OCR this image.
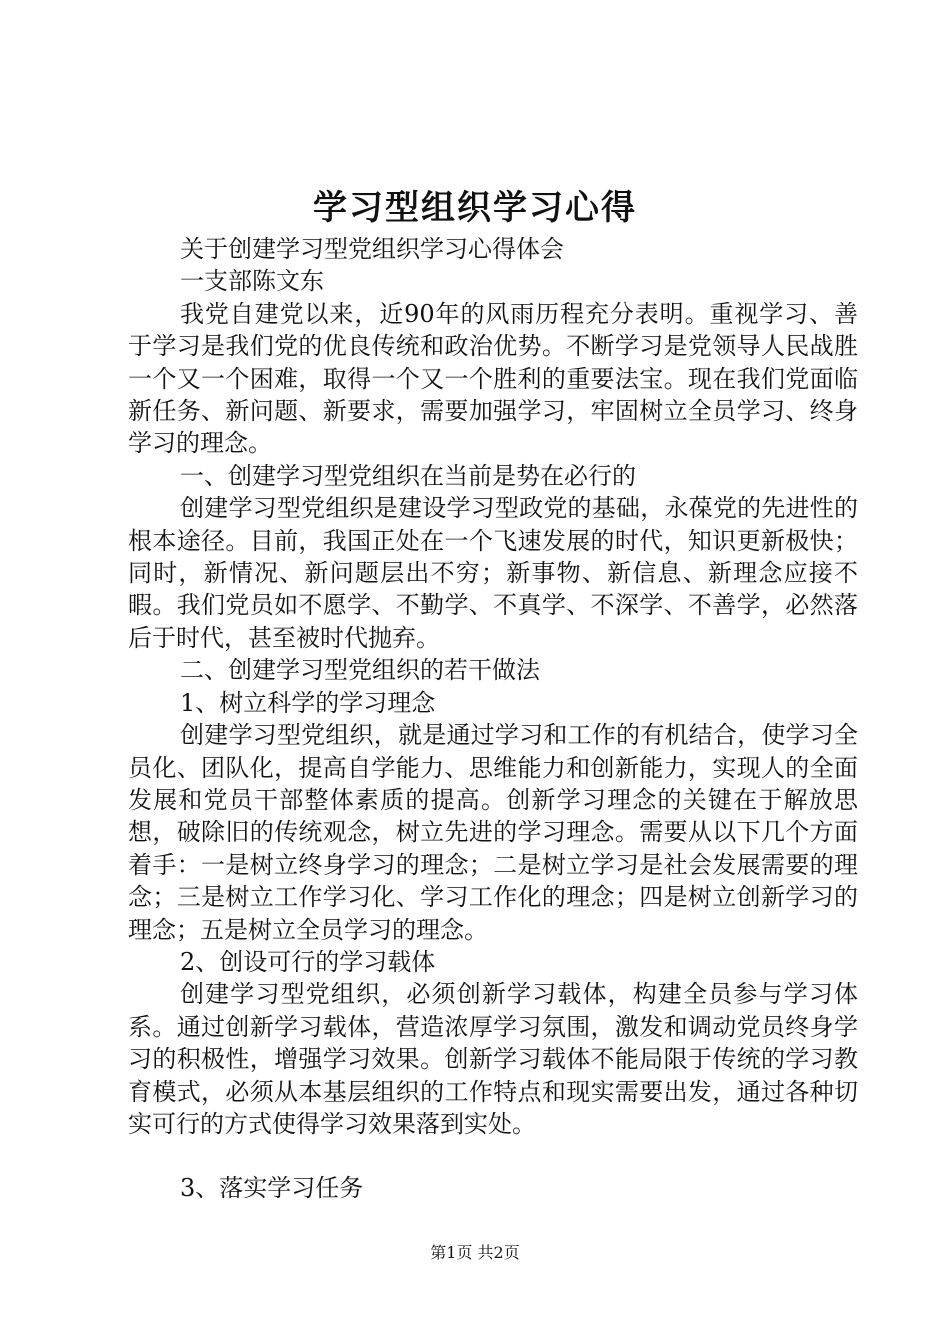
学习型组织学习心得

关于创建学习型党组织学习心得体会

一支部陈文东

我党自建党以来，近90年的风雨历程充分表明。重视学习、善于学习是我们党的优良传统和政治优势。不断学习是党领导人民战胜一个又一个困难，取得一个又一个胜利的重要法宝。现在我们党面临新任务、新问题、新要求，需要加强学习，牢固树立全员学习、终身学习的理念。

一、创建学习型党组织在当前是势在必行的

创建学习型党组织是建设学习型政党的基础，永葆党的先进性的根本途径。目前，我国正处在一个飞速发展的时代，知识更新极快；同时，新情况、新问题层出不穷；新事物、新信息、新理念应接不暇。我们党员如不愿学、不勤学、不真学、不深学、不善学，必然落后于时代，甚至被时代抛弃。

二、创建学习型党组织的若干做法

1、树立科学的学习理念

创建学习型党组织，就是通过学习和工作的有机结合，使学习全员化、团队化，提高自学能力、思维能力和创新能力，实现人的全面发展和党员干部整体素质的提高。创新学习理念的关键在于解放思想，破除旧的传统观念，树立先进的学习理念。需要从以下几个方面着手：一是树立终身学习的理念；二是树立学习是社会发展需要的理念；三是树立工作学习化、学习工作化的理念；四是树立创新学习的理念；五是树立全员学习的理念。

2、创设可行的学习载体

创建学习型党组织，必须创新学习载体，构建全员参与学习体系。通过创新学习载体，营造浓厚学习氛围，激发和调动党员终身学习的积极性，增强学习效果。创新学习载体不能局限于传统的学习教育模式，必须从本基层组织的工作特点和现实需要出发，通过各种切实可行的方式使得学习效果落到实处。

3、落实学习任务

第1页 共2页
